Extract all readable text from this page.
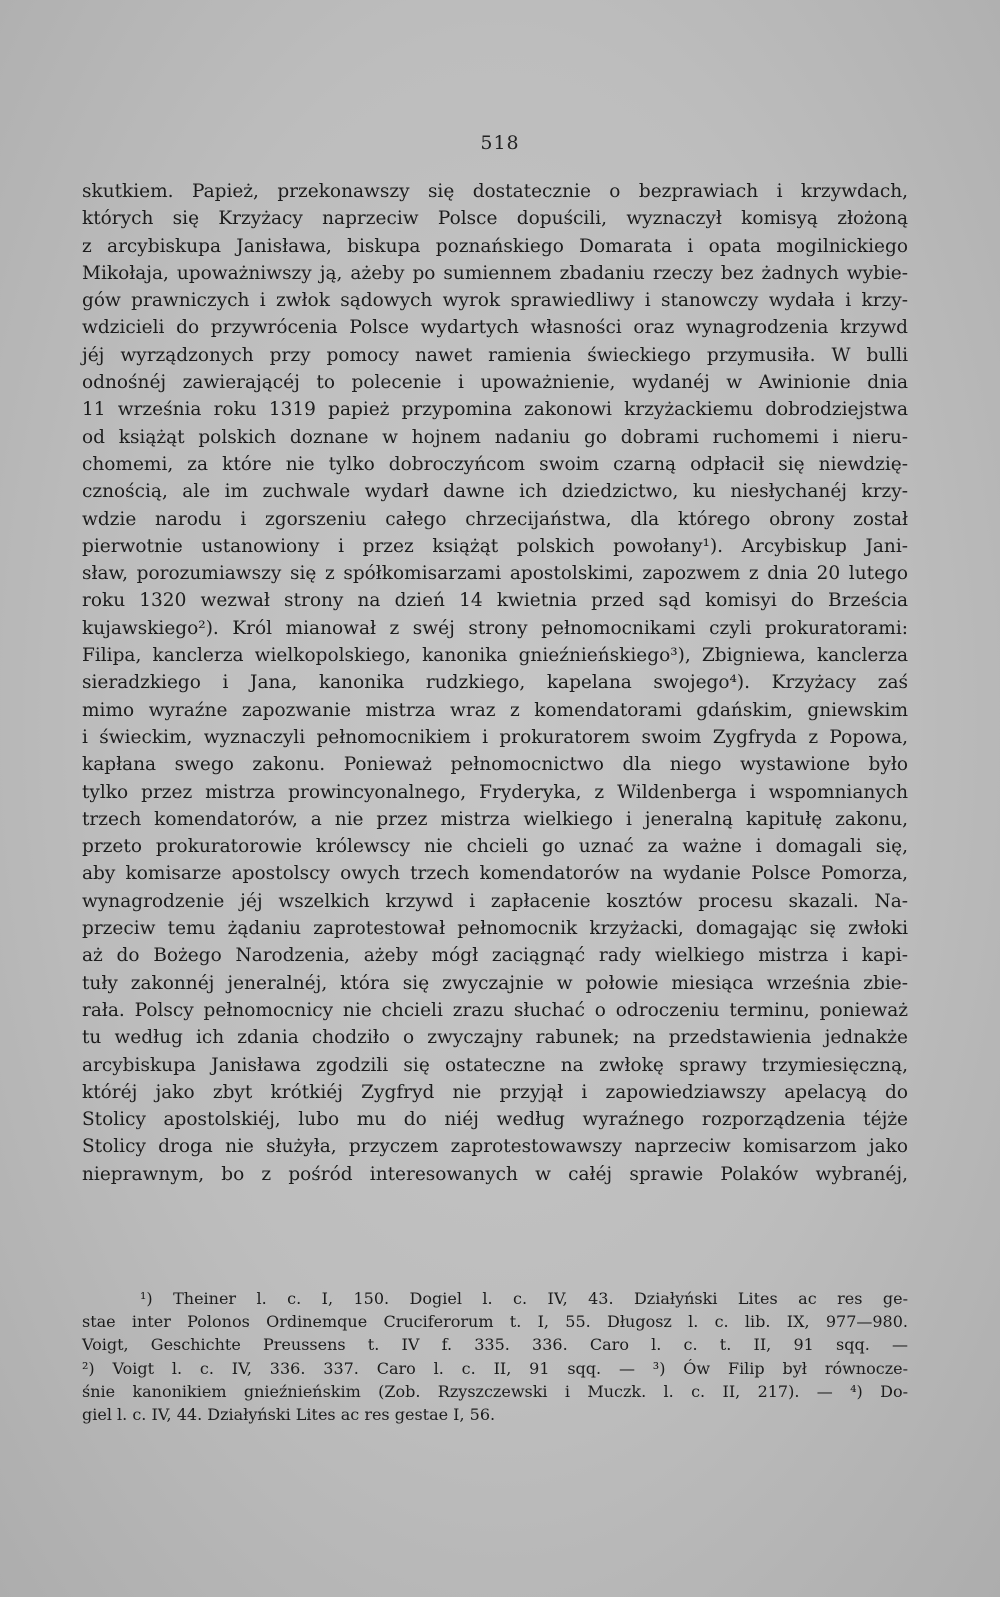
518
skutkiem. Papież, przekonawszy się dostatecznie o bezprawiach i krzywdach,
których się Krzyżacy naprzeciw Polsce dopuścili, wyznaczył komisyą złożoną
z arcybiskupa Janisława, biskupa poznańskiego Domarata i opata mogilnickiego
Mikołaja, upoważniwszy ją, ażeby po sumiennem zbadaniu rzeczy bez żadnych wybie-
gów prawniczych i zwłok sądowych wyrok sprawiedliwy i stanowczy wydała i krzy-
wdzicieli do przywrócenia Polsce wydartych własności oraz wynagrodzenia krzywd
jéj wyrządzonych przy pomocy nawet ramienia świeckiego przymusiła. W bulli
odnośnéj zawierającéj to polecenie i upoważnienie, wydanéj w Awinionie dnia
11 września roku 1319 papież przypomina zakonowi krzyżackiemu dobrodziejstwa
od książąt polskich doznane w hojnem nadaniu go dobrami ruchomemi i nieru-
chomemi, za które nie tylko dobroczyńcom swoim czarną odpłacił się niewdzię-
cznością, ale im zuchwale wydarł dawne ich dziedzictwo, ku niesłychanéj krzy-
wdzie narodu i zgorszeniu całego chrzecijaństwa, dla którego obrony został
pierwotnie ustanowiony i przez książąt polskich powołany¹). Arcybiskup Jani-
sław, porozumiawszy się z spółkomisarzami apostolskimi, zapozwem z dnia 20 lutego
roku 1320 wezwał strony na dzień 14 kwietnia przed sąd komisyi do Brześcia
kujawskiego²). Król mianował z swéj strony pełnomocnikami czyli prokuratorami:
Filipa, kanclerza wielkopolskiego, kanonika gnieźnieńskiego³), Zbigniewa, kanclerza
sieradzkiego i Jana, kanonika rudzkiego, kapelana swojego⁴). Krzyżacy zaś
mimo wyraźne zapozwanie mistrza wraz z komendatorami gdańskim, gniewskim
i świeckim, wyznaczyli pełnomocnikiem i prokuratorem swoim Zygfryda z Popowa,
kapłana swego zakonu. Ponieważ pełnomocnictwo dla niego wystawione było
tylko przez mistrza prowincyonalnego, Fryderyka, z Wildenberga i wspomnianych
trzech komendatorów, a nie przez mistrza wielkiego i jeneralną kapitułę zakonu,
przeto prokuratorowie królewscy nie chcieli go uznać za ważne i domagali się,
aby komisarze apostolscy owych trzech komendatorów na wydanie Polsce Pomorza,
wynagrodzenie jéj wszelkich krzywd i zapłacenie kosztów procesu skazali. Na-
przeciw temu żądaniu zaprotestował pełnomocnik krzyżacki, domagając się zwłoki
aż do Bożego Narodzenia, ażeby mógł zaciągnąć rady wielkiego mistrza i kapi-
tuły zakonnéj jeneralnéj, która się zwyczajnie w połowie miesiąca września zbie-
rała. Polscy pełnomocnicy nie chcieli zrazu słuchać o odroczeniu terminu, ponieważ
tu według ich zdania chodziło o zwyczajny rabunek; na przedstawienia jednakże
arcybiskupa Janisława zgodzili się ostateczne na zwłokę sprawy trzymiesięczną,
któréj jako zbyt krótkiéj Zygfryd nie przyjął i zapowiedziawszy apelacyą do
Stolicy apostolskiéj, lubo mu do niéj według wyraźnego rozporządzenia téjże
Stolicy droga nie służyła, przyczem zaprotestowawszy naprzeciw komisarzom jako
nieprawnym, bo z pośród interesowanych w całéj sprawie Polaków wybranéj,
¹) Theiner l. c. I, 150. Dogiel l. c. IV, 43. Działyński Lites ac res ge-
stae inter Polonos Ordinemque Cruciferorum t. I, 55. Długosz l. c. lib. IX, 977—980.
Voigt, Geschichte Preussens t. IV f. 335. 336. Caro l. c. t. II, 91 sqq. —
²) Voigt l. c. IV, 336. 337. Caro l. c. II, 91 sqq. — ³) Ów Filip był równocze-
śnie kanonikiem gnieźnieńskim (Zob. Rzyszczewski i Muczk. l. c. II, 217). — ⁴) Do-
giel l. c. IV, 44. Działyński Lites ac res gestae I, 56.
